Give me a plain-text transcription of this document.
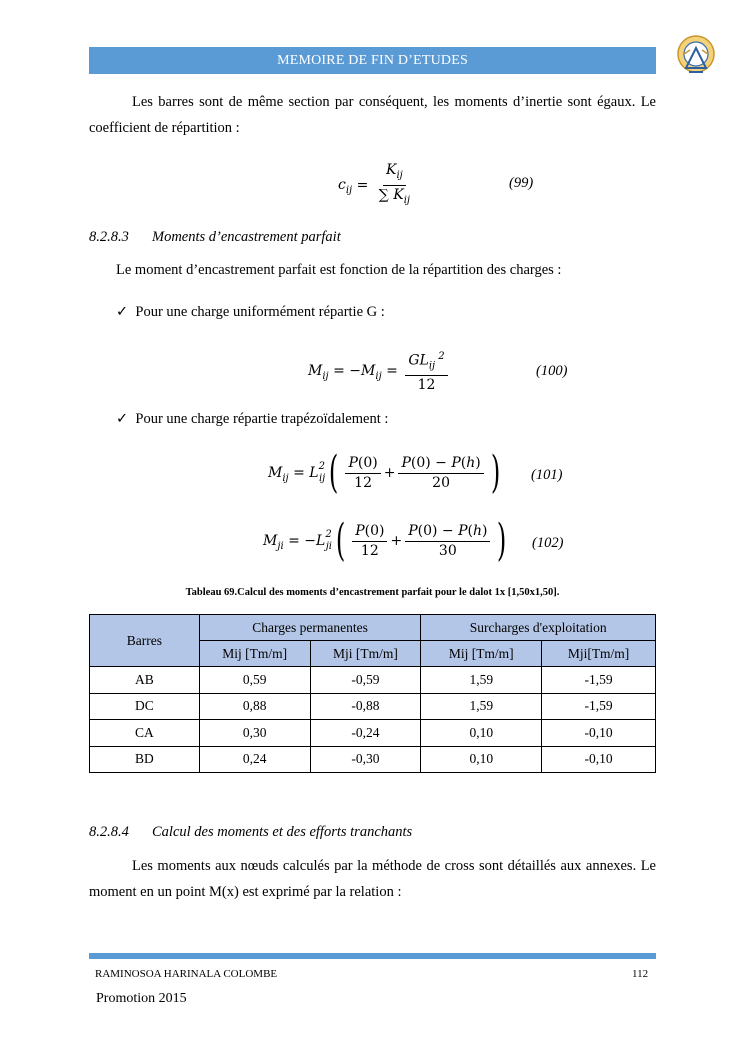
MEMOIRE DE FIN D’ETUDES
Les barres sont de même section par conséquent, les moments d’inertie sont égaux. Le coefficient de répartition :
$c_{ij} = \frac{K_{ij}}{\sum K_{ij}}$	(99)
8.2.8.3 Moments d’encastrement parfait
Le moment d’encastrement parfait est fonction de la répartition des charges :
✓ Pour une charge uniformément répartie G :
$M_{ij} = -M_{ij} = \frac{GL_{ij} ^2}{12}$	(100)
✓ Pour une charge répartie trapézoïdalement :
$M_{ij} = L^2_{ij}( \frac{P(0)}{12} + \frac{P(0) - P(h)}{20}$ ) (101)
$M_{ji} = -L^2_{ji}( \frac{P(0)}{12} + \frac{P(0) - P(h)}{30}$ ) (102)
Tableau 69.Calcul des moments d’encastrement parfait pour le dalot 1x [1,50x1,50].
Barres	Charges permanentes		Surcharges d'exploitation	
	Mij [Tm/m]	Mji [Tm/m]	Mij [Tm/m]	Mji[Tm/m]
AB	0,59	-0,59	1,59	-1,59
DC	0,88	-0,88	1,59	-1,59
CA	0,30	-0,24	0,10	-0,10
BD	0,24	-0,30	0,10	-0,10
8.2.8.4 Calcul des moments et des efforts tranchants
Les moments aux nœuds calculés par la méthode de cross sont détaillés aux annexes. Le moment en un point M(x) est exprimé par la relation :
RAMINOSOA HARINALA COLOMBE	112
Promotion 2015
